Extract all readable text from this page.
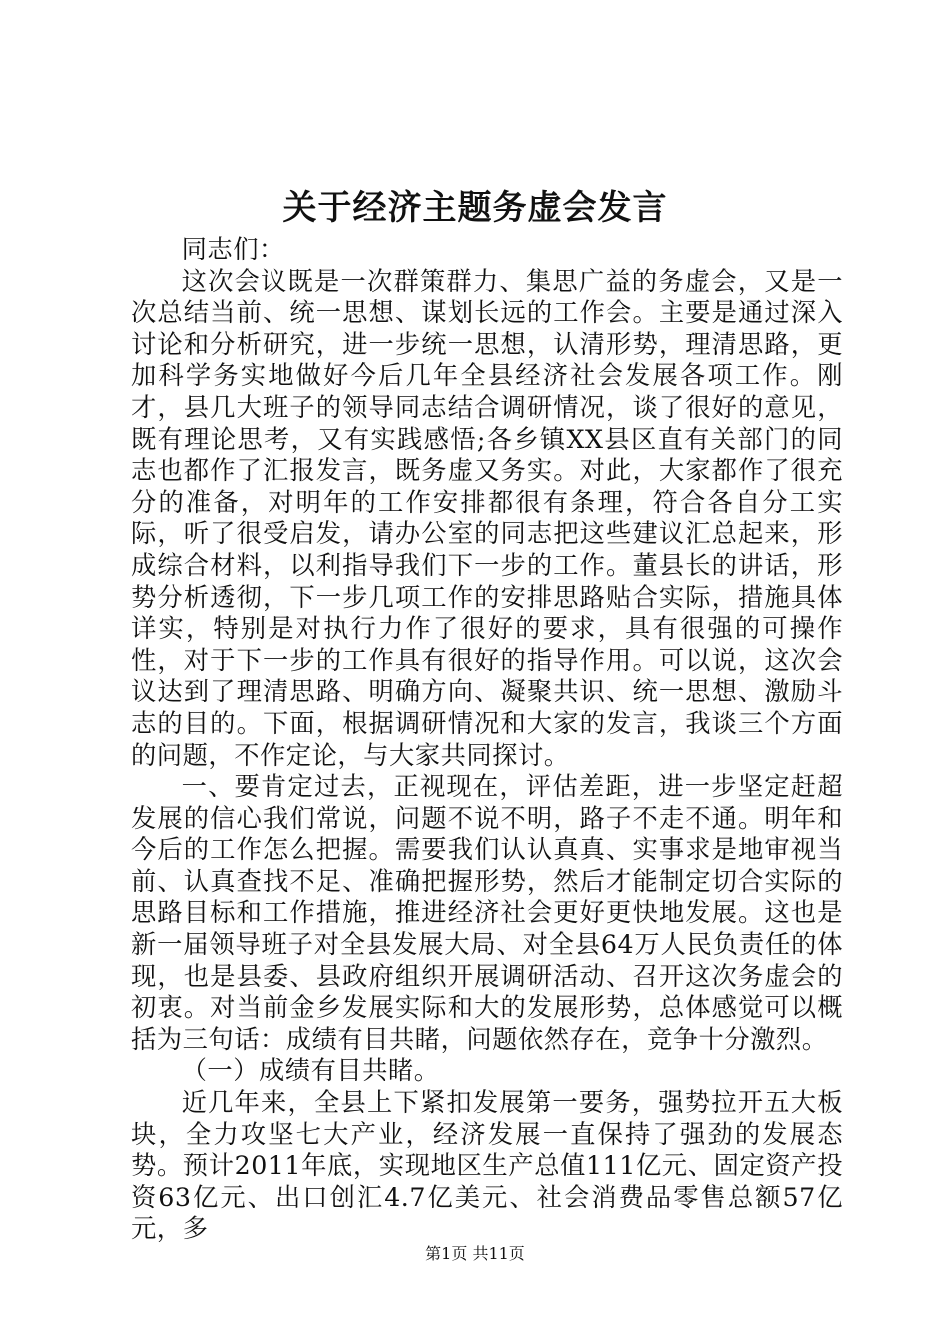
关于经济主题务虚会发言

同志们：

这次会议既是一次群策群力、集思广益的务虚会，又是一次总结当前、统一思想、谋划长远的工作会。主要是通过深入讨论和分析研究，进一步统一思想，认清形势，理清思路，更加科学务实地做好今后几年全县经济社会发展各项工作。刚才，县几大班子的领导同志结合调研情况，谈了很好的意见，既有理论思考，又有实践感悟;各乡镇XX县区直有关部门的同志也都作了汇报发言，既务虚又务实。对此，大家都作了很充分的准备，对明年的工作安排都很有条理，符合各自分工实际，听了很受启发，请办公室的同志把这些建议汇总起来，形成综合材料，以利指导我们下一步的工作。董县长的讲话，形势分析透彻，下一步几项工作的安排思路贴合实际，措施具体详实，特别是对执行力作了很好的要求，具有很强的可操作性，对于下一步的工作具有很好的指导作用。可以说，这次会议达到了理清思路、明确方向、凝聚共识、统一思想、激励斗志的目的。下面，根据调研情况和大家的发言，我谈三个方面的问题，不作定论，与大家共同探讨。

一、要肯定过去，正视现在，评估差距，进一步坚定赶超发展的信心我们常说，问题不说不明，路子不走不通。明年和今后的工作怎么把握。需要我们认认真真、实事求是地审视当前、认真查找不足、准确把握形势，然后才能制定切合实际的思路目标和工作措施，推进经济社会更好更快地发展。这也是新一届领导班子对全县发展大局、对全县64万人民负责任的体现，也是县委、县政府组织开展调研活动、召开这次务虚会的初衷。对当前金乡发展实际和大的发展形势，总体感觉可以概括为三句话：成绩有目共睹，问题依然存在，竞争十分激烈。

（一）成绩有目共睹。

近几年来，全县上下紧扣发展第一要务，强势拉开五大板块，全力攻坚七大产业，经济发展一直保持了强劲的发展态势。预计2011年底，实现地区生产总值111亿元、固定资产投资63亿元、出口创汇4.7亿美元、社会消费品零售总额57亿元，多

第1页 共11页
